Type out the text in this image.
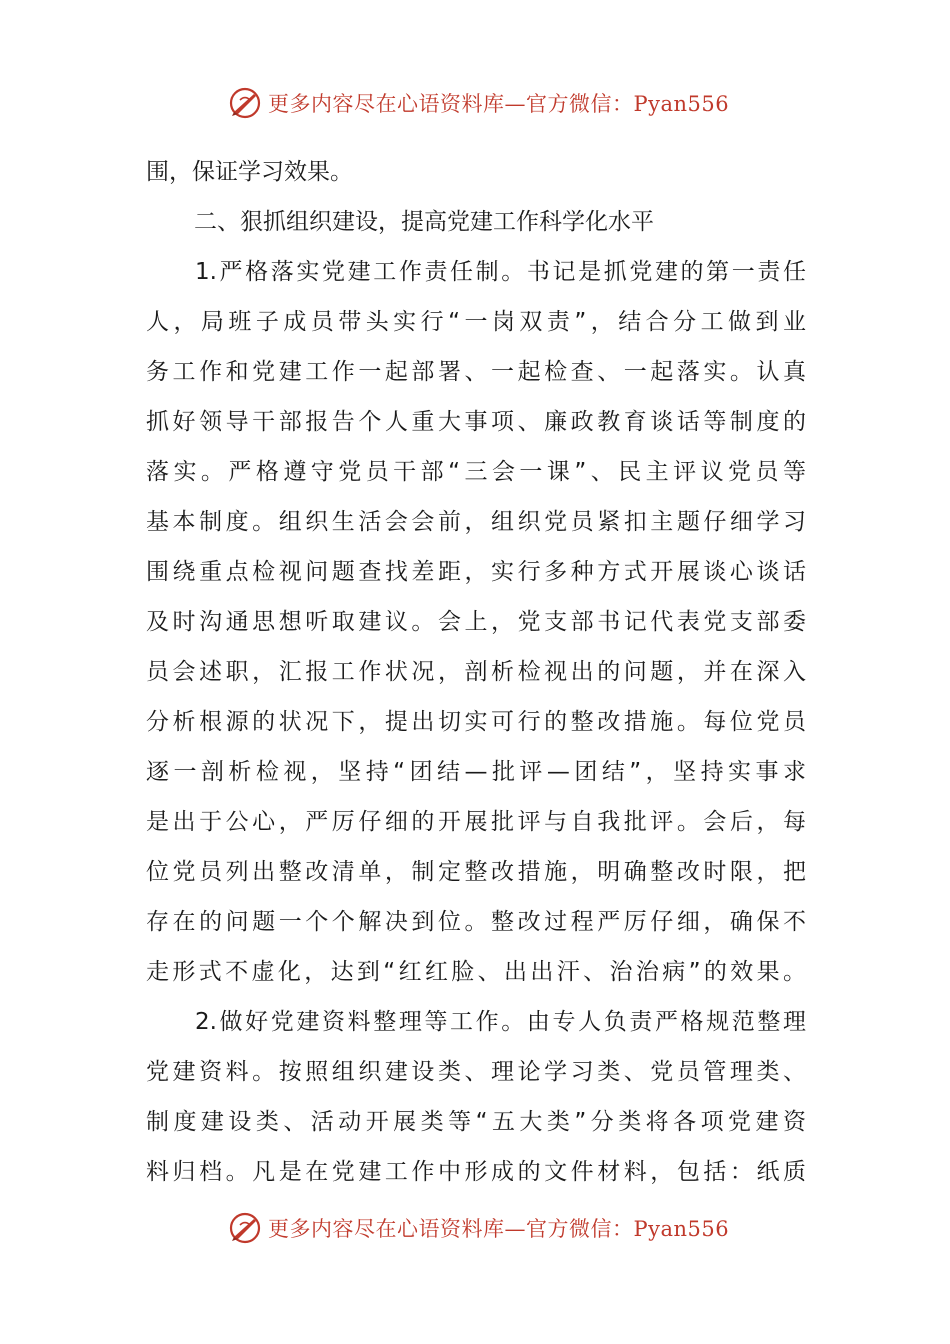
更多内容尽在心语资料库—官方微信：Pyan556
围，保证学习效果。
二、狠抓组织建设，提高党建工作科学化水平
1.严格落实党建工作责任制。书记是抓党建的第一责任
人，局班子成员带头实行“一岗双责”，结合分工做到业
务工作和党建工作一起部署、一起检查、一起落实。认真
抓好领导干部报告个人重大事项、廉政教育谈话等制度的
落实。严格遵守党员干部“三会一课”、民主评议党员等
基本制度。组织生活会会前，组织党员紧扣主题仔细学习
围绕重点检视问题查找差距，实行多种方式开展谈心谈话
及时沟通思想听取建议。会上，党支部书记代表党支部委
员会述职，汇报工作状况，剖析检视出的问题，并在深入
分析根源的状况下，提出切实可行的整改措施。每位党员
逐一剖析检视，坚持“团结—批评—团结”，坚持实事求
是出于公心，严厉仔细的开展批评与自我批评。会后，每
位党员列出整改清单，制定整改措施，明确整改时限，把
存在的问题一个个解决到位。整改过程严厉仔细，确保不
走形式不虚化，达到“红红脸、出出汗、治治病”的效果。
2.做好党建资料整理等工作。由专人负责严格规范整理
党建资料。按照组织建设类、理论学习类、党员管理类、
制度建设类、活动开展类等“五大类”分类将各项党建资
料归档。凡是在党建工作中形成的文件材料，包括：纸质
更多内容尽在心语资料库—官方微信：Pyan556
